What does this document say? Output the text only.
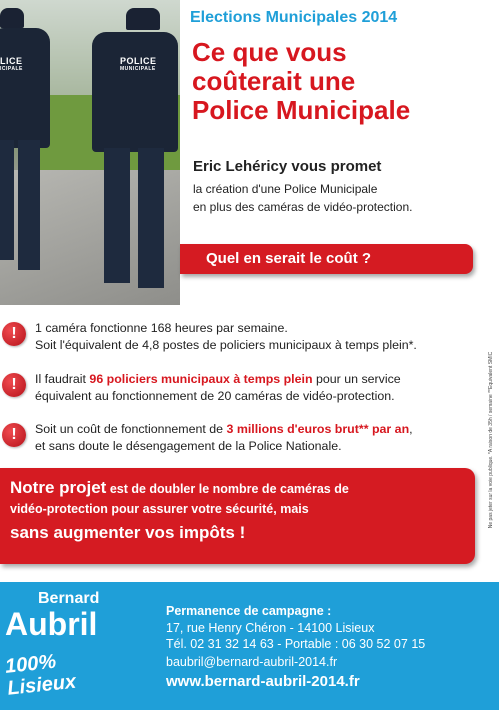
LICE
ICIPALE
POLICE
MUNICIPALE
Elections Municipales 2014
Ce que vous
coûterait une
Police Municipale
Eric Lehéricy vous promet
la création d'une Police Municipale
en plus des caméras de vidéo-protection.
Quel en serait le coût ?
!	1 caméra fonctionne 168 heures par semaine.
Soit l'équivalent de 4,8 postes de policiers municipaux à temps plein*.
!	Il faudrait 96 policiers municipaux à temps plein pour un service
équivalent au fonctionnement de 20 caméras de vidéo-protection.
!	Soit un coût de fonctionnement de 3 millions d'euros brut** par an,
et sans doute le désengagement de la Police Nationale.
Notre projet est de doubler le nombre de caméras de
vidéo-protection pour assurer votre sécurité, mais
sans augmenter vos impôts !
Ne pas jeter sur la voie publique. *A raison de 35h / semaine **Equivalent SMIC
Bernard
Aubril
100%
Lisieux
Permanence de campagne :
17, rue Henry Chéron - 14100 Lisieux
Tél. 02 31 32 14 63 - Portable : 06 30 52 07 15
baubril@bernard-aubril-2014.fr
www.bernard-aubril-2014.fr
